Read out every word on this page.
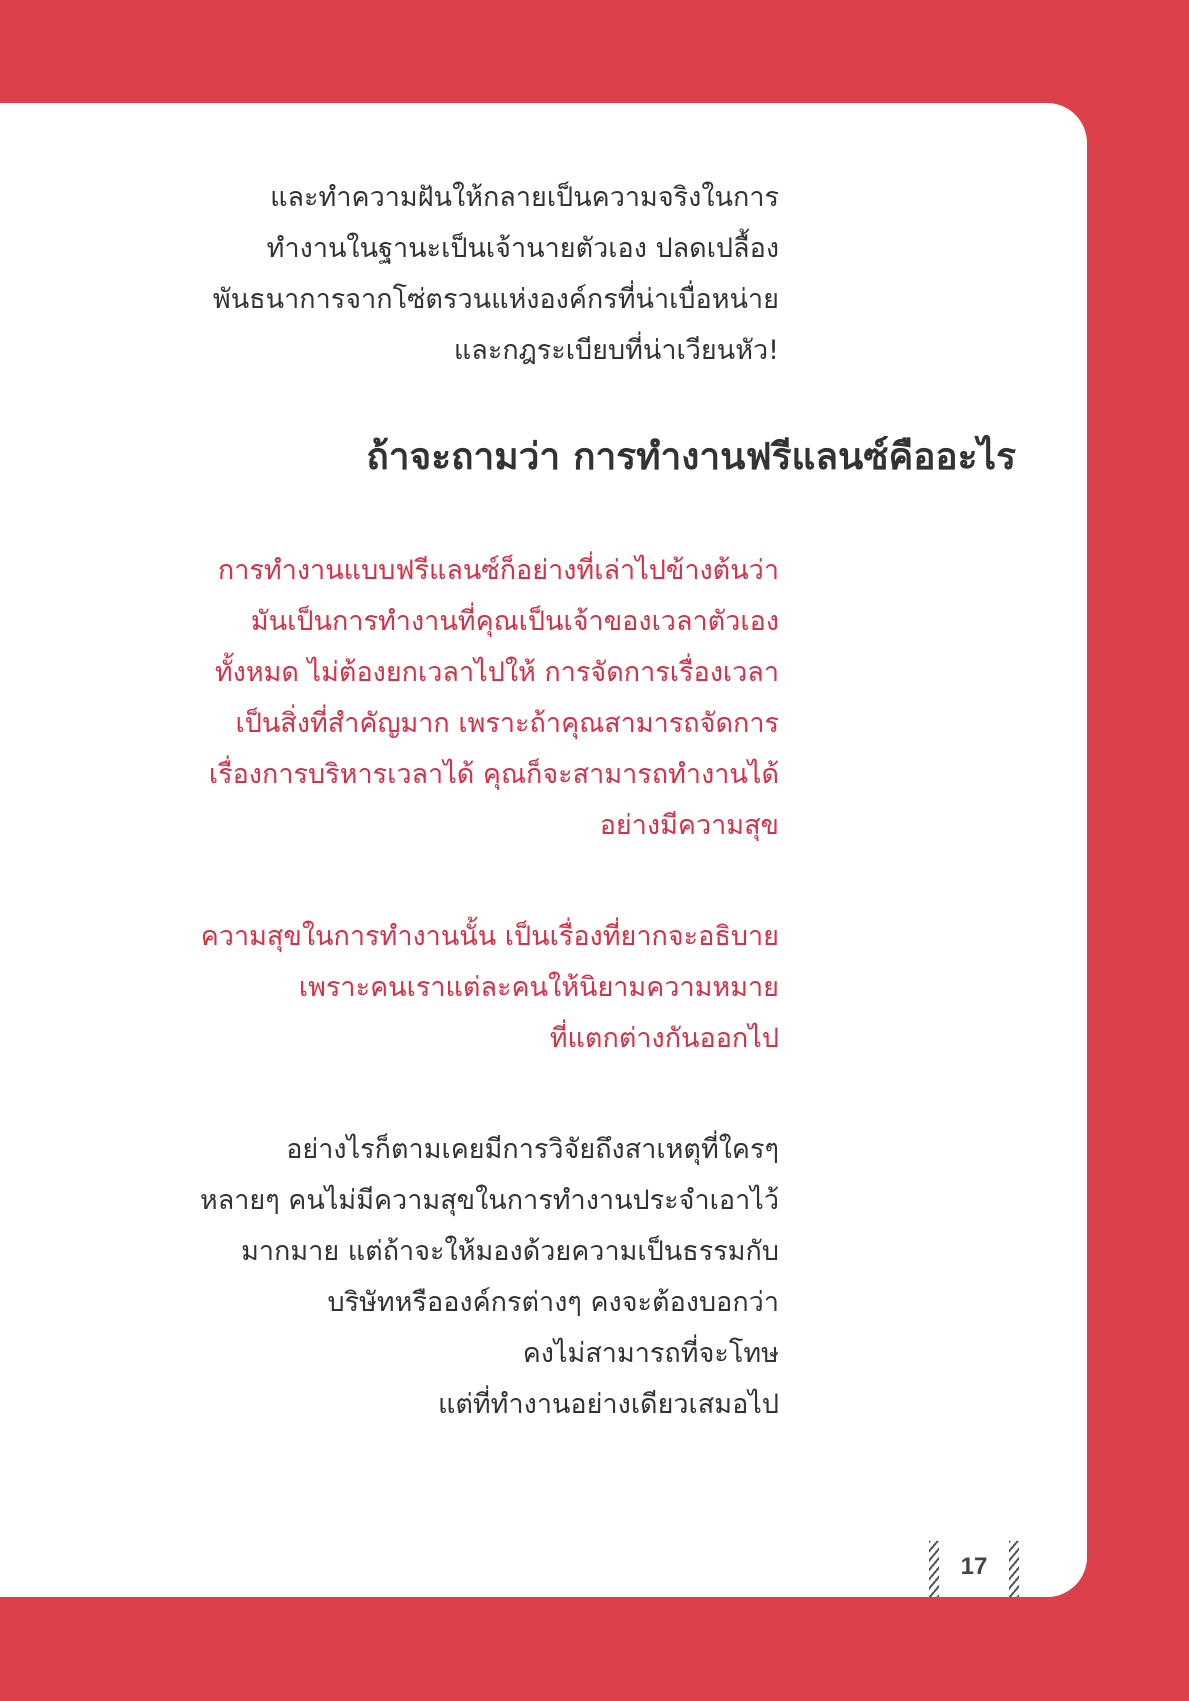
และทำความฝันให้กลายเป็นความจริงในการ
ทำงานในฐานะเป็นเจ้านายตัวเอง ปลดเปลื้อง
พันธนาการจากโซ่ตรวนแห่งองค์กรที่น่าเบื่อหน่าย
และกฎระเบียบที่น่าเวียนหัว!

ถ้าจะถามว่า การทำงานฟรีแลนซ์คืออะไร

การทำงานแบบฟรีแลนซ์ก็อย่างที่เล่าไปข้างต้นว่า
มันเป็นการทำงานที่คุณเป็นเจ้าของเวลาตัวเอง
ทั้งหมด ไม่ต้องยกเวลาไปให้ การจัดการเรื่องเวลา
เป็นสิ่งที่สำคัญมาก เพราะถ้าคุณสามารถจัดการ
เรื่องการบริหารเวลาได้ คุณก็จะสามารถทำงานได้
อย่างมีความสุข

ความสุขในการทำงานนั้น เป็นเรื่องที่ยากจะอธิบาย
เพราะคนเราแต่ละคนให้นิยามความหมาย
ที่แตกต่างกันออกไป

อย่างไรก็ตามเคยมีการวิจัยถึงสาเหตุที่ใครๆ
หลายๆ คนไม่มีความสุขในการทำงานประจำเอาไว้
มากมาย แต่ถ้าจะให้มองด้วยความเป็นธรรมกับ
บริษัทหรือองค์กรต่างๆ คงจะต้องบอกว่า
คงไม่สามารถที่จะโทษ
แต่ที่ทำงานอย่างเดียวเสมอไป

17
